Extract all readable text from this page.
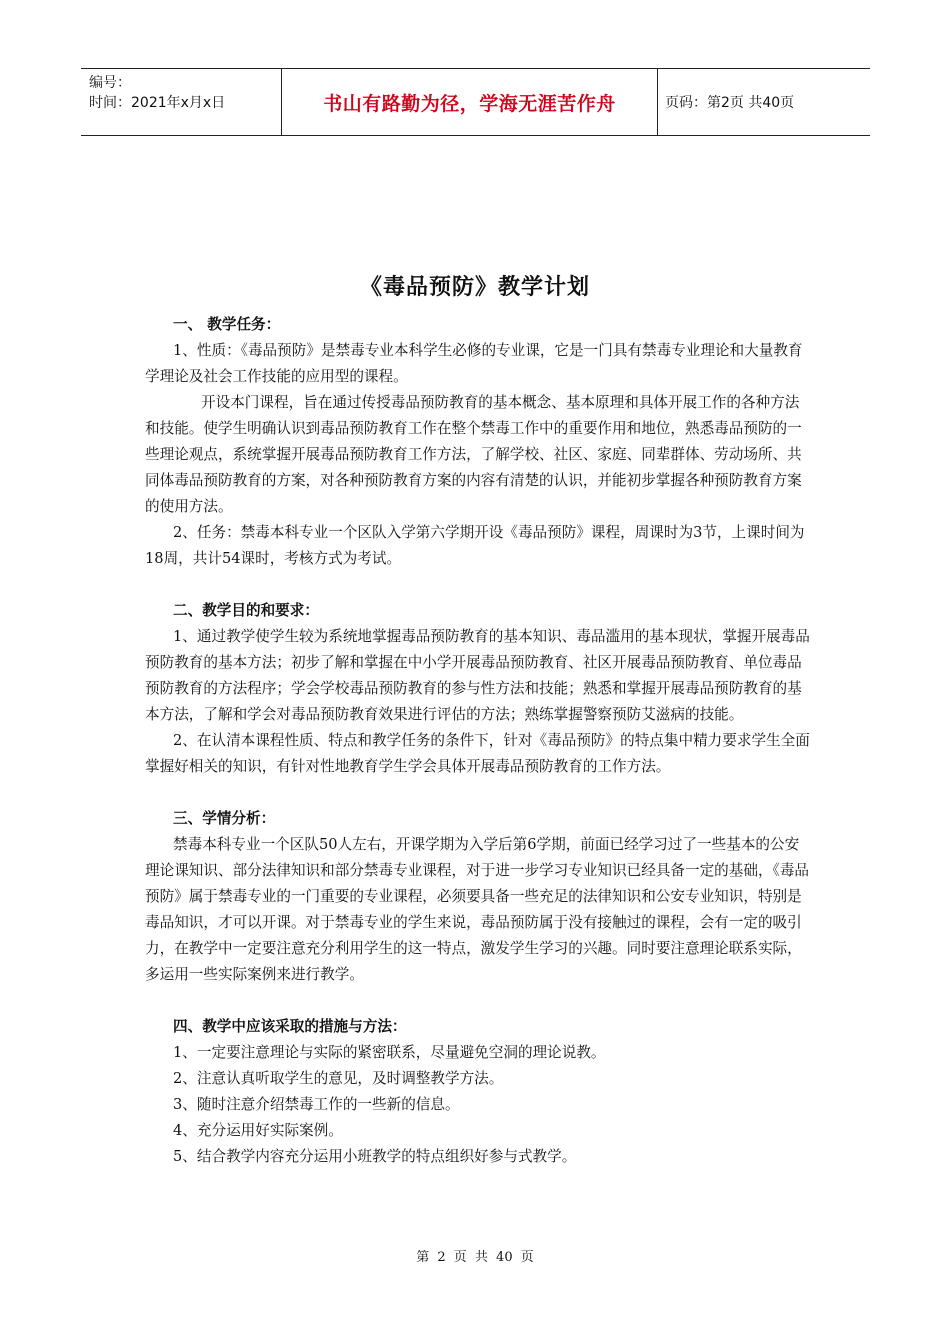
编号：
时间：2021年x月x日	书山有路勤为径，学海无涯苦作舟	页码：第2页 共40页
《毒品预防》教学计划
一、 教学任务：

1、性质：《毒品预防》是禁毒专业本科学生必修的专业课，它是一门具有禁毒专业理论和大量教育学理论及社会工作技能的应用型的课程。

开设本门课程，旨在通过传授毒品预防教育的基本概念、基本原理和具体开展工作的各种方法和技能。使学生明确认识到毒品预防教育工作在整个禁毒工作中的重要作用和地位，熟悉毒品预防的一些理论观点，系统掌握开展毒品预防教育工作方法，了解学校、社区、家庭、同辈群体、劳动场所、共同体毒品预防教育的方案，对各种预防教育方案的内容有清楚的认识，并能初步掌握各种预防教育方案的使用方法。

2、任务：禁毒本科专业一个区队入学第六学期开设《毒品预防》课程，周课时为3节，上课时间为18周，共计54课时，考核方式为考试。

二、教学目的和要求：

1、通过教学使学生较为系统地掌握毒品预防教育的基本知识、毒品滥用的基本现状，掌握开展毒品预防教育的基本方法；初步了解和掌握在中小学开展毒品预防教育、社区开展毒品预防教育、单位毒品预防教育的方法程序；学会学校毒品预防教育的参与性方法和技能；熟悉和掌握开展毒品预防教育的基本方法，了解和学会对毒品预防教育效果进行评估的方法；熟练掌握警察预防艾滋病的技能。

2、在认清本课程性质、特点和教学任务的条件下，针对《毒品预防》的特点集中精力要求学生全面掌握好相关的知识，有针对性地教育学生学会具体开展毒品预防教育的工作方法。

三、学情分析：

禁毒本科专业一个区队50人左右，开课学期为入学后第6学期，前面已经学习过了一些基本的公安理论课知识、部分法律知识和部分禁毒专业课程，对于进一步学习专业知识已经具备一定的基础，《毒品预防》属于禁毒专业的一门重要的专业课程，必须要具备一些充足的法律知识和公安专业知识，特别是毒品知识，才可以开课。对于禁毒专业的学生来说，毒品预防属于没有接触过的课程，会有一定的吸引力，在教学中一定要注意充分利用学生的这一特点，激发学生学习的兴趣。同时要注意理论联系实际，多运用一些实际案例来进行教学。

四、教学中应该采取的措施与方法：

1、一定要注意理论与实际的紧密联系，尽量避免空洞的理论说教。

2、注意认真听取学生的意见，及时调整教学方法。

3、随时注意介绍禁毒工作的一些新的信息。

4、充分运用好实际案例。

5、结合教学内容充分运用小班教学的特点组织好参与式教学。

第 2 页 共 40 页
